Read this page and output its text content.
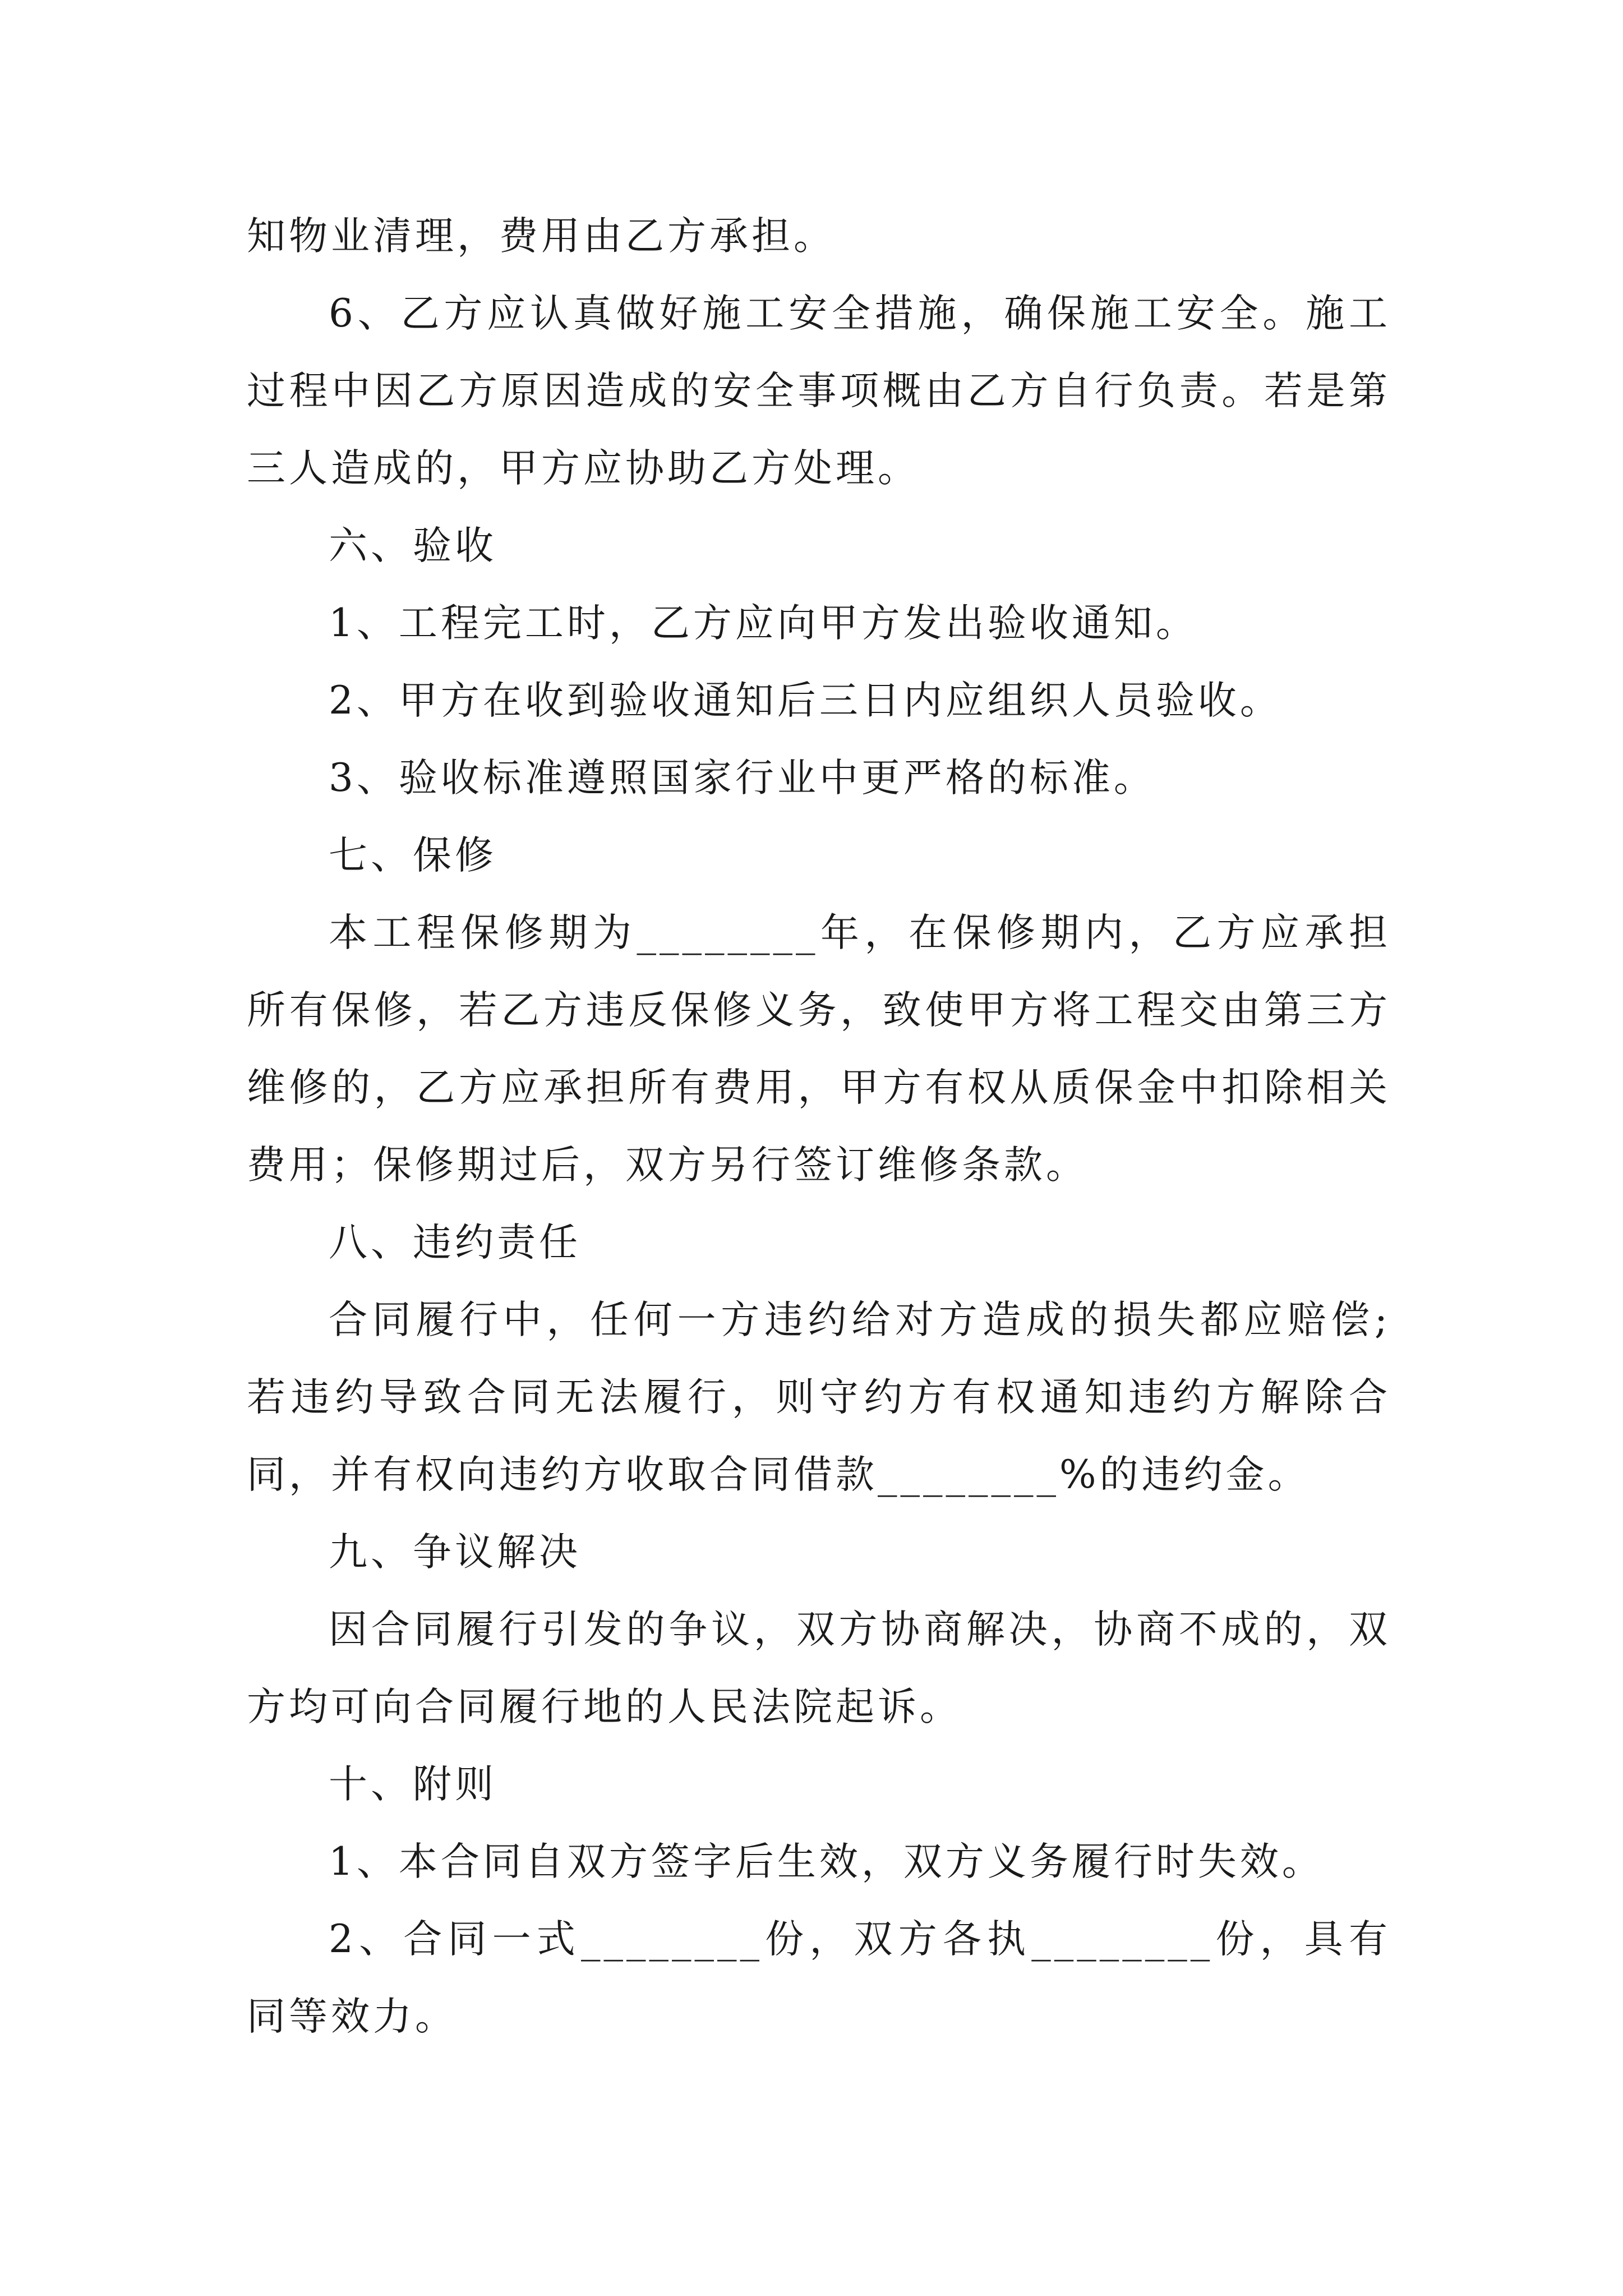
知物业清理，费用由乙方承担。

6、乙方应认真做好施工安全措施，确保施工安全。施工过程中因乙方原因造成的安全事项概由乙方自行负责。若是第三人造成的，甲方应协助乙方处理。

六、验收

1、工程完工时，乙方应向甲方发出验收通知。

2、甲方在收到验收通知后三日内应组织人员验收。

3、验收标准遵照国家行业中更严格的标准。

七、保修

本工程保修期为________年，在保修期内，乙方应承担所有保修，若乙方违反保修义务，致使甲方将工程交由第三方维修的，乙方应承担所有费用，甲方有权从质保金中扣除相关费用；保修期过后，双方另行签订维修条款。

八、违约责任

合同履行中，任何一方违约给对方造成的损失都应赔偿;若违约导致合同无法履行，则守约方有权通知违约方解除合同，并有权向违约方收取合同借款________%的违约金。

九、争议解决

因合同履行引发的争议，双方协商解决，协商不成的，双方均可向合同履行地的人民法院起诉。

十、附则

1、本合同自双方签字后生效，双方义务履行时失效。

2、合同一式________份，双方各执________份，具有同等效力。
